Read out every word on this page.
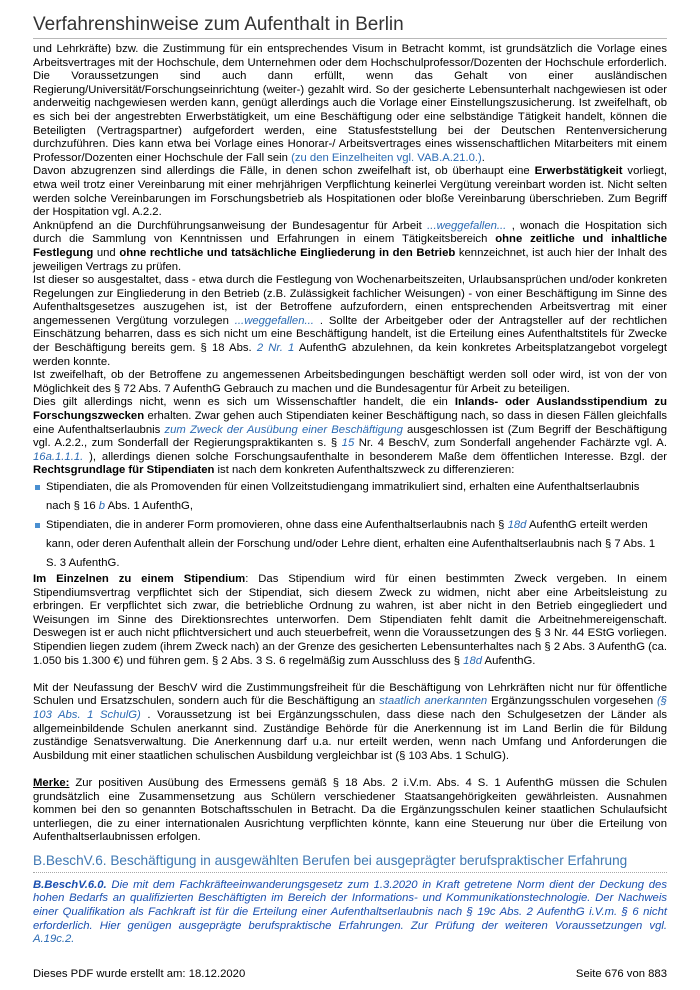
Verfahrenshinweise zum Aufenthalt in Berlin

und Lehrkräfte) bzw. die Zustimmung für ein entsprechendes Visum in Betracht kommt, ist grundsätzlich die Vorlage eines Arbeitsvertrages mit der Hochschule, dem Unternehmen oder dem Hochschulprofessor/Dozenten der Hochschule erforderlich. Die Voraussetzungen sind auch dann erfüllt, wenn das Gehalt von einer ausländischen Regierung/Universität/Forschungseinrichtung (weiter-) gezahlt wird. So der gesicherte Lebensunterhalt nachgewiesen ist oder anderweitig nachgewiesen werden kann, genügt allerdings auch die Vorlage einer Einstellungszusicherung. Ist zweifelhaft, ob es sich bei der angestrebten Erwerbstätigkeit, um eine Beschäftigung oder eine selbständige Tätigkeit handelt, können die Beteiligten (Vertragspartner) aufgefordert werden, eine Statusfeststellung bei der Deutschen Rentenversicherung durchzuführen. Dies kann etwa bei Vorlage eines Honorar-/ Arbeitsvertrages eines wissenschaftlichen Mitarbeiters mit einem Professor/Dozenten einer Hochschule der Fall sein (zu den Einzelheiten vgl. VAB.A.21.0.).

Davon abzugrenzen sind allerdings die Fälle, in denen schon zweifelhaft ist, ob überhaupt eine Erwerbstätigkeit vorliegt, etwa weil trotz einer Vereinbarung mit einer mehrjährigen Verpflichtung keinerlei Vergütung vereinbart worden ist. Nicht selten werden solche Vereinbarungen im Forschungsbetrieb als Hospitationen oder bloße Vereinbarung überschrieben. Zum Begriff der Hospitation vgl. A.2.2.

Anknüpfend an die Durchführungsanweisung der Bundesagentur für Arbeit ...weggefallen... , wonach die Hospitation sich durch die Sammlung von Kenntnissen und Erfahrungen in einem Tätigkeitsbereich ohne zeitliche und inhaltliche Festlegung und ohne rechtliche und tatsächliche Eingliederung in den Betrieb kennzeichnet, ist auch hier der Inhalt des jeweiligen Vertrags zu prüfen.

Ist dieser so ausgestaltet, dass - etwa durch die Festlegung von Wochenarbeitszeiten, Urlaubsansprüchen und/oder konkreten Regelungen zur Eingliederung in den Betrieb (z.B. Zulässigkeit fachlicher Weisungen) - von einer Beschäftigung im Sinne des Aufenthaltsgesetzes auszugehen ist, ist der Betroffene aufzufordern, einen entsprechenden Arbeitsvertrag mit einer angemessenen Vergütung vorzulegen ...weggefallen... . Sollte der Arbeitgeber oder der Antragsteller auf der rechtlichen Einschätzung beharren, dass es sich nicht um eine Beschäftigung handelt, ist die Erteilung eines Aufenthaltstitels für Zwecke der Beschäftigung bereits gem. § 18 Abs. 2 Nr. 1 AufenthG abzulehnen, da kein konkretes Arbeitsplatzangebot vorgelegt werden konnte.

Ist zweifelhaft, ob der Betroffene zu angemessenen Arbeitsbedingungen beschäftigt werden soll oder wird, ist von der von Möglichkeit des § 72 Abs. 7 AufenthG Gebrauch zu machen und die Bundesagentur für Arbeit zu beteiligen.

Dies gilt allerdings nicht, wenn es sich um Wissenschaftler handelt, die ein Inlands- oder Auslandsstipendium zu Forschungszwecken erhalten. Zwar gehen auch Stipendiaten keiner Beschäftigung nach, so dass in diesen Fällen gleichfalls eine Aufenthaltserlaubnis zum Zweck der Ausübung einer Beschäftigung ausgeschlossen ist (Zum Begriff der Beschäftigung vgl. A.2.2., zum Sonderfall der Regierungspraktikanten s. § 15 Nr. 4 BeschV, zum Sonderfall angehender Fachärzte vgl. A. 16a.1.1.1. ), allerdings dienen solche Forschungsaufenthalte in besonderem Maße dem öffentlichen Interesse. Bzgl. der Rechtsgrundlage für Stipendiaten ist nach dem konkreten Aufenthaltszweck zu differenzieren:

Stipendiaten, die als Promovenden für einen Vollzeitstudiengang immatrikuliert sind, erhalten eine Aufenthaltserlaubnis nach § 16 b Abs. 1 AufenthG,
Stipendiaten, die in anderer Form promovieren, ohne dass eine Aufenthaltserlaubnis nach § 18d AufenthG erteilt werden kann, oder deren Aufenthalt allein der Forschung und/oder Lehre dient, erhalten eine Aufenthaltserlaubnis nach § 7 Abs. 1 S. 3 AufenthG.

Im Einzelnen zu einem Stipendium: Das Stipendium wird für einen bestimmten Zweck vergeben. In einem Stipendiumsvertrag verpflichtet sich der Stipendiat, sich diesem Zweck zu widmen, nicht aber eine Arbeitsleistung zu erbringen. Er verpflichtet sich zwar, die betriebliche Ordnung zu wahren, ist aber nicht in den Betrieb eingegliedert und Weisungen im Sinne des Direktionsrechtes unterworfen. Dem Stipendiaten fehlt damit die Arbeitnehmereigenschaft. Deswegen ist er auch nicht pflichtversichert und auch steuerbefreit, wenn die Voraussetzungen des § 3 Nr. 44 EStG vorliegen. Stipendien liegen zudem (ihrem Zweck nach) an der Grenze des gesicherten Lebensunterhaltes nach § 2 Abs. 3 AufenthG (ca. 1.050 bis 1.300 €) und führen gem. § 2 Abs. 3 S. 6 regelmäßig zum Ausschluss des § 18d AufenthG.

Mit der Neufassung der BeschV wird die Zustimmungsfreiheit für die Beschäftigung von Lehrkräften nicht nur für öffentliche Schulen und Ersatzschulen, sondern auch für die Beschäftigung an staatlich anerkannten Ergänzungsschulen vorgesehen (§ 103 Abs. 1 SchulG) . Voraussetzung ist bei Ergänzungsschulen, dass diese nach den Schulgesetzen der Länder als allgemeinbildende Schulen anerkannt sind. Zuständige Behörde für die Anerkennung ist im Land Berlin die für Bildung zuständige Senatsverwaltung. Die Anerkennung darf u.a. nur erteilt werden, wenn nach Umfang und Anforderungen die Ausbildung mit einer staatlichen schulischen Ausbildung vergleichbar ist (§ 103 Abs. 1 SchulG).

Merke: Zur positiven Ausübung des Ermessens gemäß § 18 Abs. 2 i.V.m. Abs. 4 S. 1 AufenthG müssen die Schulen grundsätzlich eine Zusammensetzung aus Schülern verschiedener Staatsangehörigkeiten gewährleisten. Ausnahmen kommen bei den so genannten Botschaftsschulen in Betracht. Da die Ergänzungsschulen keiner staatlichen Schulaufsicht unterliegen, die zu einer internationalen Ausrichtung verpflichten könnte, kann eine Steuerung nur über die Erteilung von Aufenthaltserlaubnissen erfolgen.

B.BeschV.6. Beschäftigung in ausgewählten Berufen bei ausgeprägter berufspraktischer Erfahrung
B.BeschV.6.0. Die mit dem Fachkräfteeinwanderungsgesetz zum 1.3.2020 in Kraft getretene Norm dient der Deckung des hohen Bedarfs an qualifizierten Beschäftigten im Bereich der Informations- und Kommunikationstechnologie. Der Nachweis einer Qualifikation als Fachkraft ist für die Erteilung einer Aufenthaltserlaubnis nach § 19c Abs. 2 AufenthG i.V.m. § 6 nicht erforderlich. Hier genügen ausgeprägte berufspraktische Erfahrungen. Zur Prüfung der weiteren Voraussetzungen vgl. A.19c.2.
Dieses PDF wurde erstellt am: 18.12.2020	Seite 676 von 883
